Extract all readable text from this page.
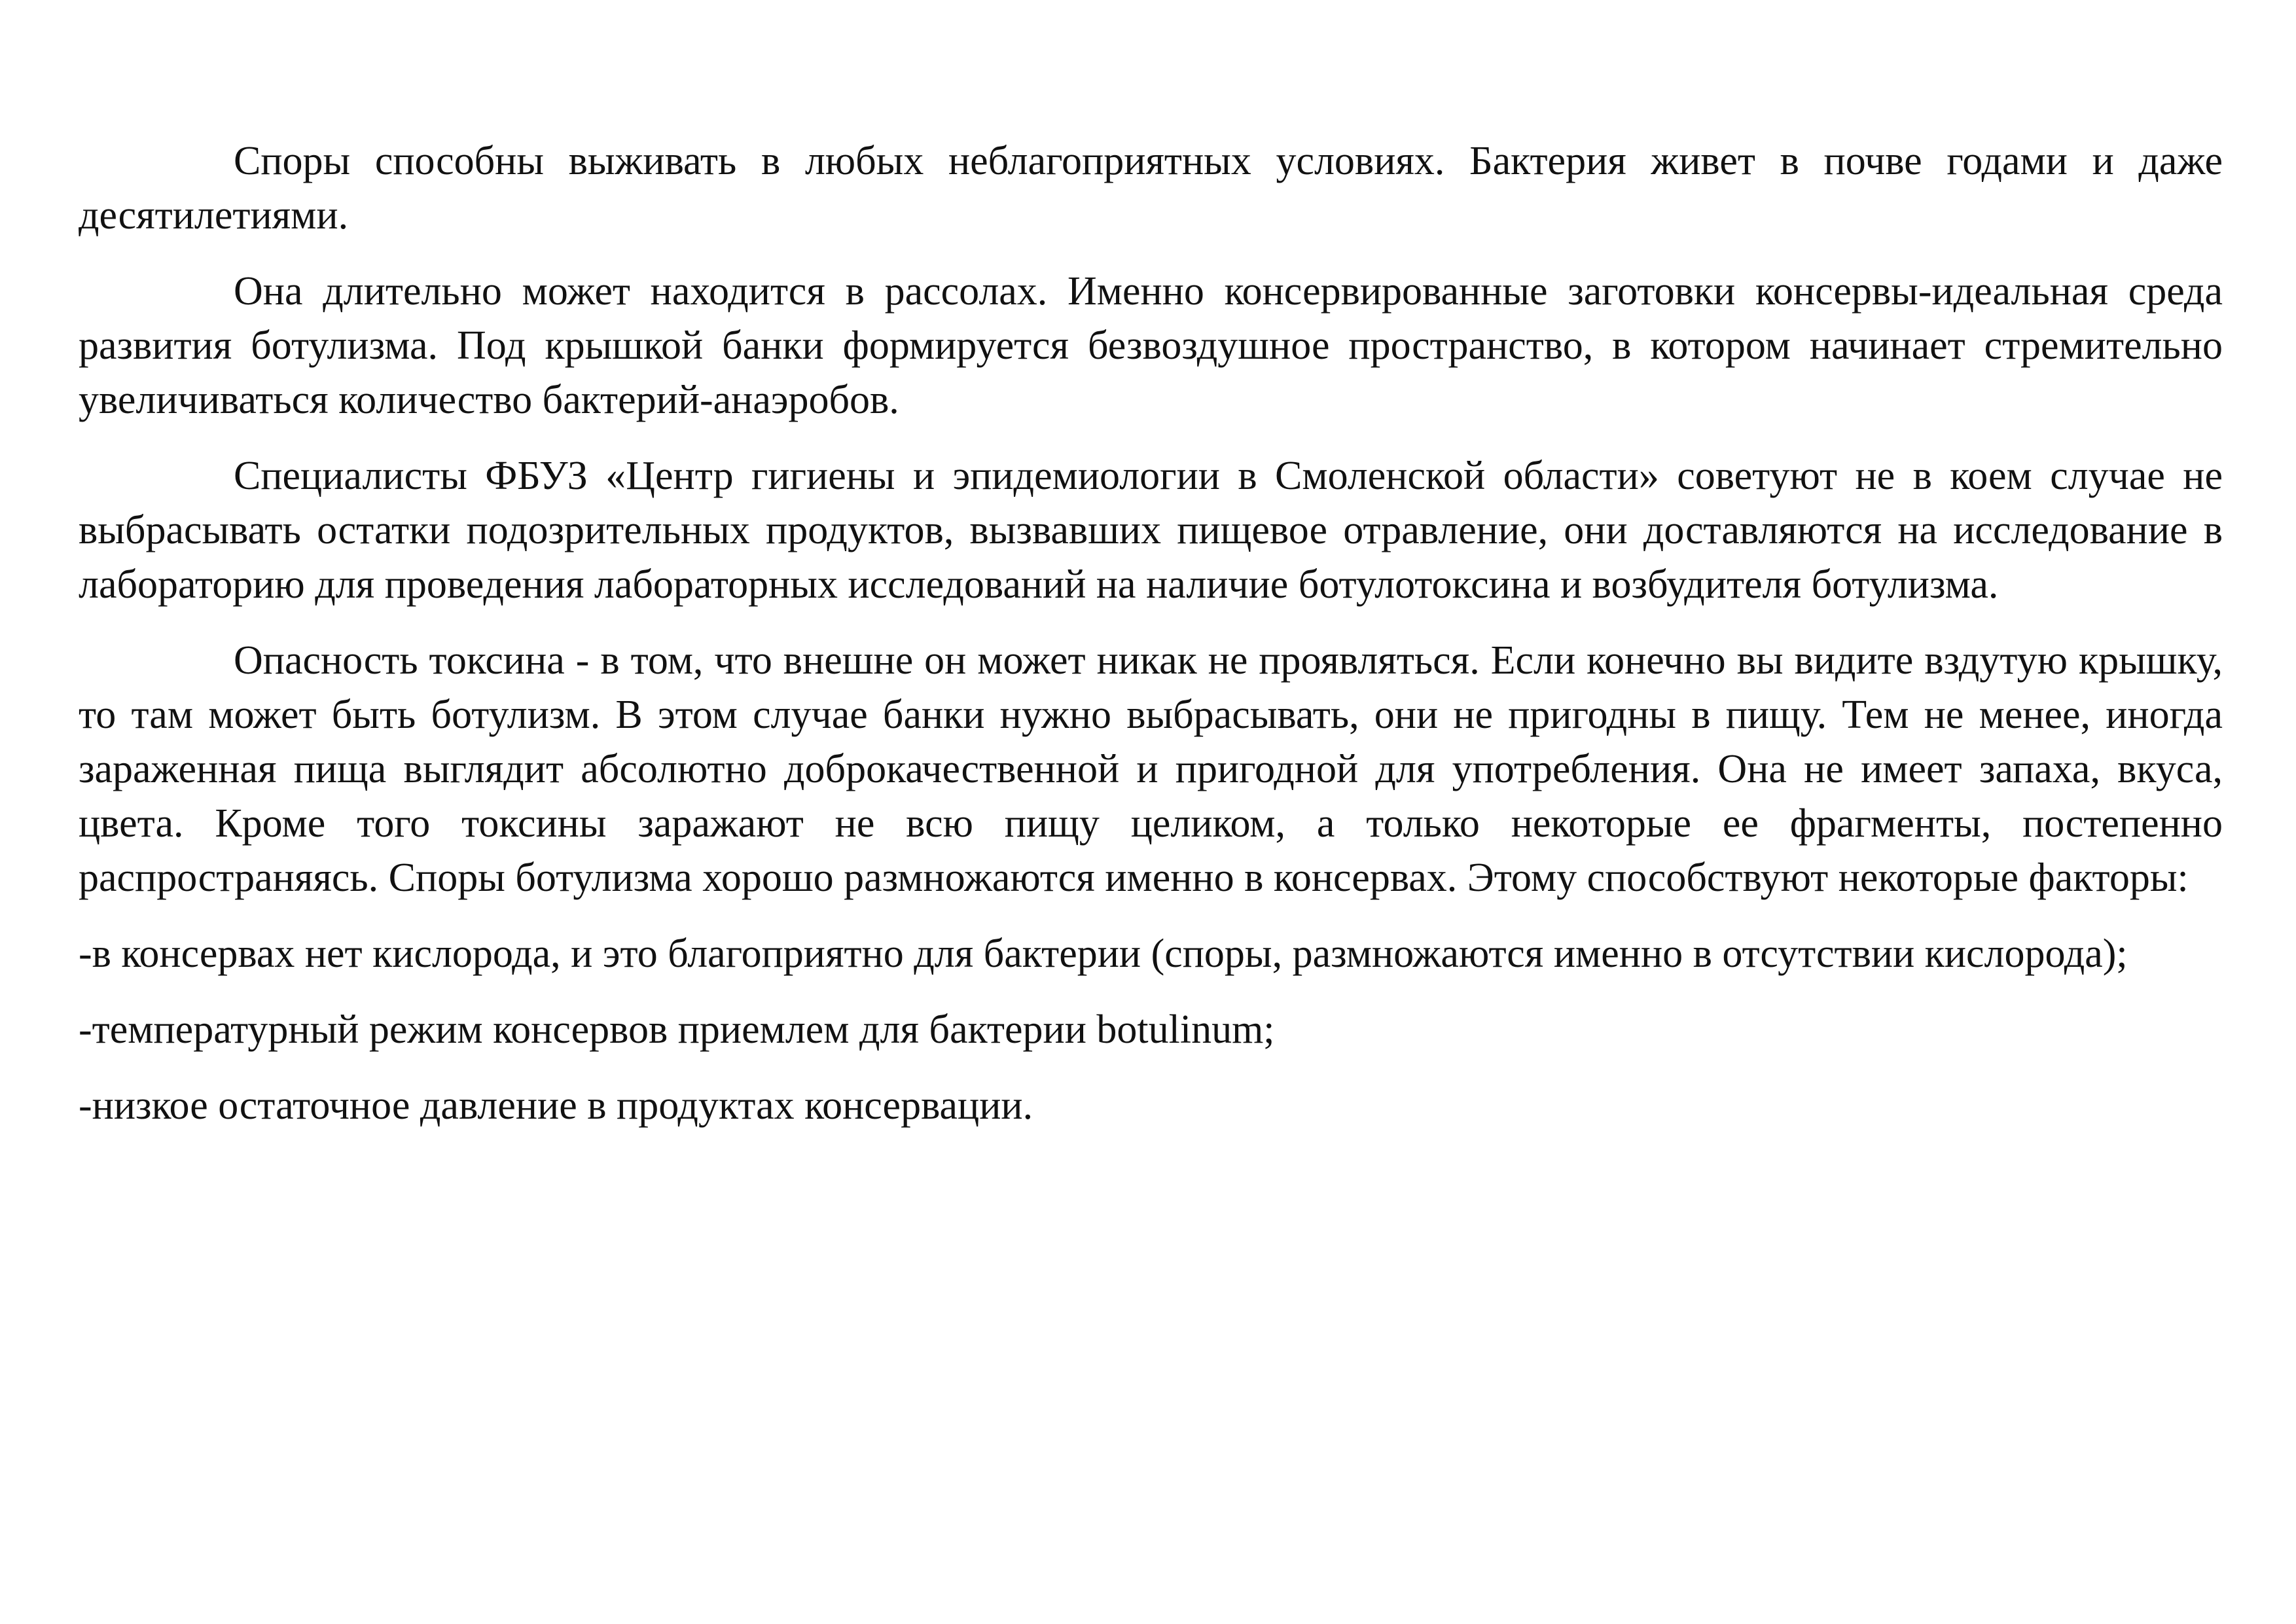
Споры способны выживать в любых неблагоприятных условиях. Бактерия живет в почве годами и даже десятилетиями.

Она длительно может находится в рассолах. Именно консервированные заготовки консервы-идеальная среда развития ботулизма. Под крышкой банки формируется безвоздушное пространство, в котором начинает стремительно увеличиваться количество бактерий-анаэробов.

Специалисты ФБУЗ «Центр гигиены и эпидемиологии в Смоленской области» советуют не в коем случае не выбрасывать остатки подозрительных продуктов, вызвавших пищевое отравление, они доставляются на исследование в лабораторию для проведения лабораторных исследований на наличие ботулотоксина и возбудителя ботулизма.

Опасность токсина - в том, что внешне он может никак не проявляться. Если конечно вы видите вздутую крышку, то там может быть ботулизм. В этом случае банки нужно выбрасывать, они не пригодны в пищу. Тем не менее, иногда зараженная пища выглядит абсолютно доброкачественной и пригодной для употребления. Она не имеет запаха, вкуса, цвета. Кроме того токсины заражают не всю пищу целиком, а только некоторые ее фрагменты, постепенно распространяясь. Споры ботулизма хорошо размножаются именно в консервах. Этому способствуют некоторые факторы:

-в консервах нет кислорода, и это благоприятно для бактерии (споры, размножаются именно в отсутствии кислорода);

-температурный режим консервов приемлем для бактерии botulinum;

-низкое остаточное давление в продуктах консервации.
